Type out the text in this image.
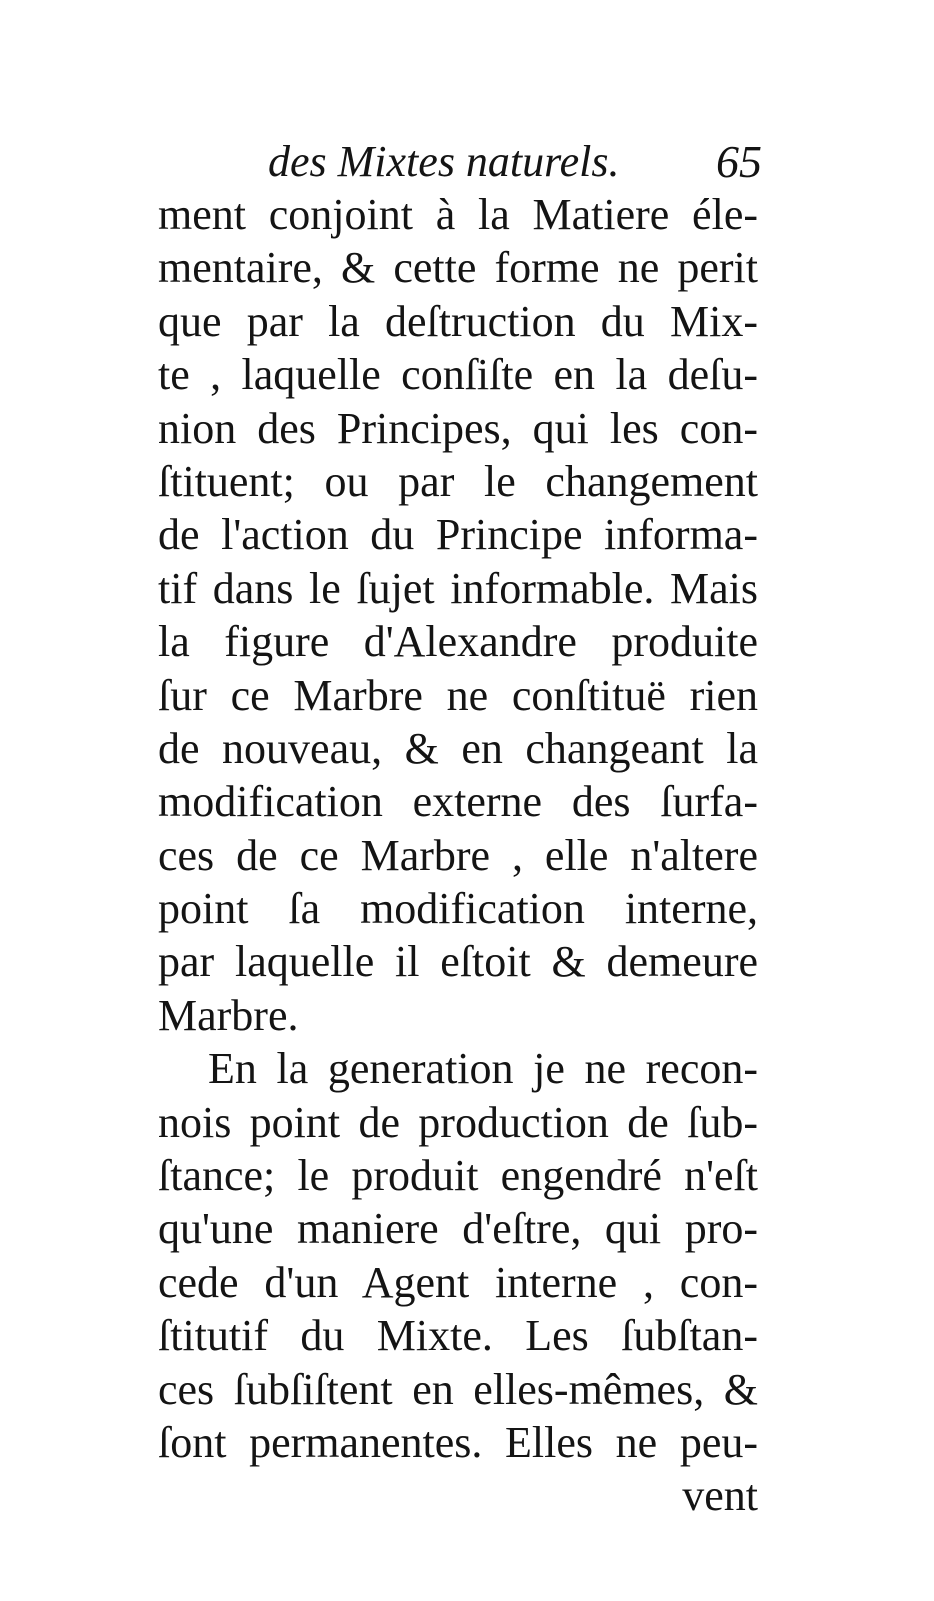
des Mixtes naturels. 65
ment conjoint à la Matiere éle-
mentaire, & cette forme ne perit
que par la deſtruction du Mix-
te , laquelle conſiſte en la deſu-
nion des Principes, qui les con-
ſtituent; ou par le changement
de l'action du Principe informa-
tif dans le ſujet informable. Mais
la figure d'Alexandre produite
ſur ce Marbre ne conſtituë rien
de nouveau, & en changeant la
modification externe des ſurfa-
ces de ce Marbre , elle n'altere
point ſa modification interne,
par laquelle il eſtoit & demeure
Marbre.
En la generation je ne recon-
nois point de production de ſub-
ſtance; le produit engendré n'eſt
qu'une maniere d'eſtre, qui pro-
cede d'un Agent interne , con-
ſtitutif du Mixte. Les ſubſtan-
ces ſubſiſtent en elles-mêmes, &
ſont permanentes. Elles ne peu-
vent
